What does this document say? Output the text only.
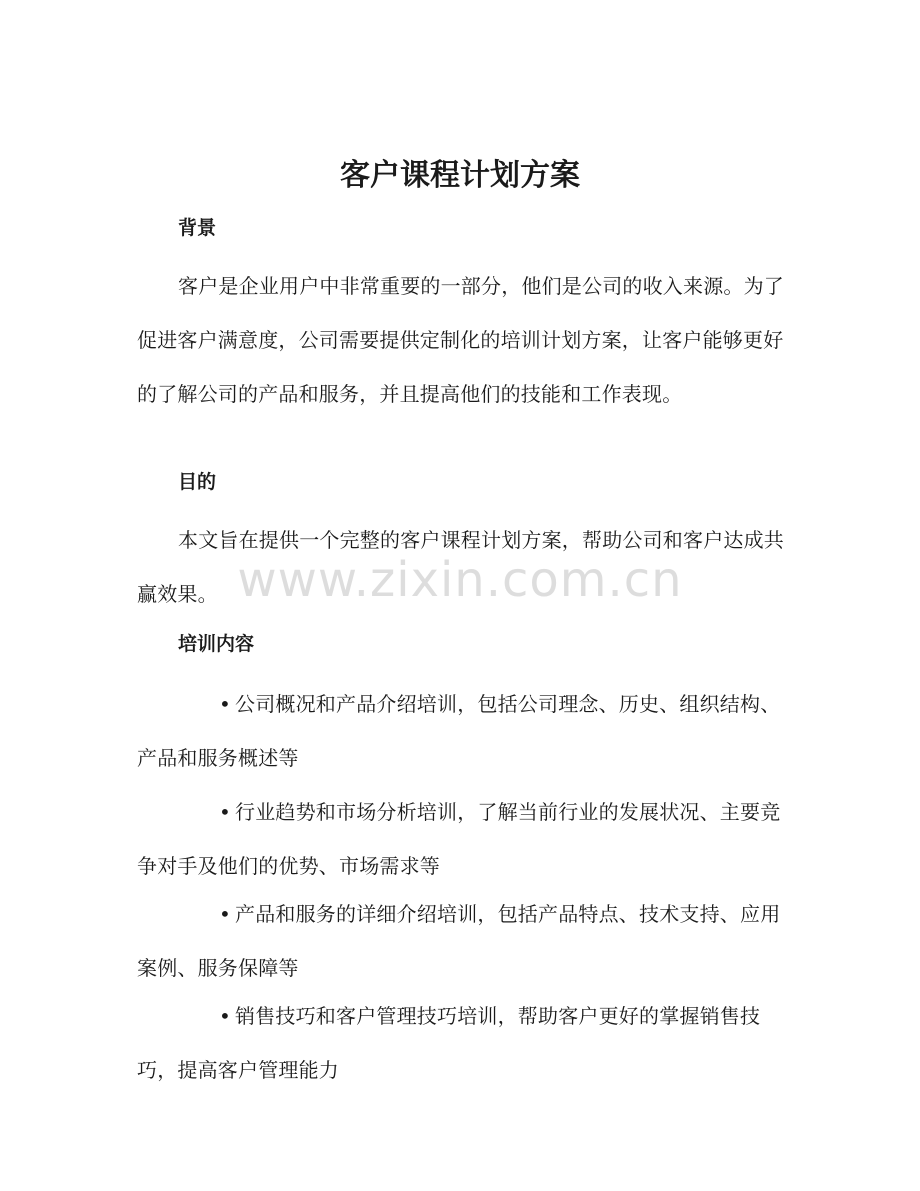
客户课程计划方案
背景

客户是企业用户中非常重要的一部分，他们是公司的收入来源。为了促进客户满意度，公司需要提供定制化的培训计划方案，让客户能够更好的了解公司的产品和服务，并且提高他们的技能和工作表现。

目的

本文旨在提供一个完整的客户课程计划方案，帮助公司和客户达成共赢效果。

培训内容

• 公司概况和产品介绍培训，包括公司理念、历史、组织结构、产品和服务概述等

• 行业趋势和市场分析培训，了解当前行业的发展状况、主要竞争对手及他们的优势、市场需求等

• 产品和服务的详细介绍培训，包括产品特点、技术支持、应用案例、服务保障等

• 销售技巧和客户管理技巧培训，帮助客户更好的掌握销售技巧，提高客户管理能力

www.zixin.com.cn
